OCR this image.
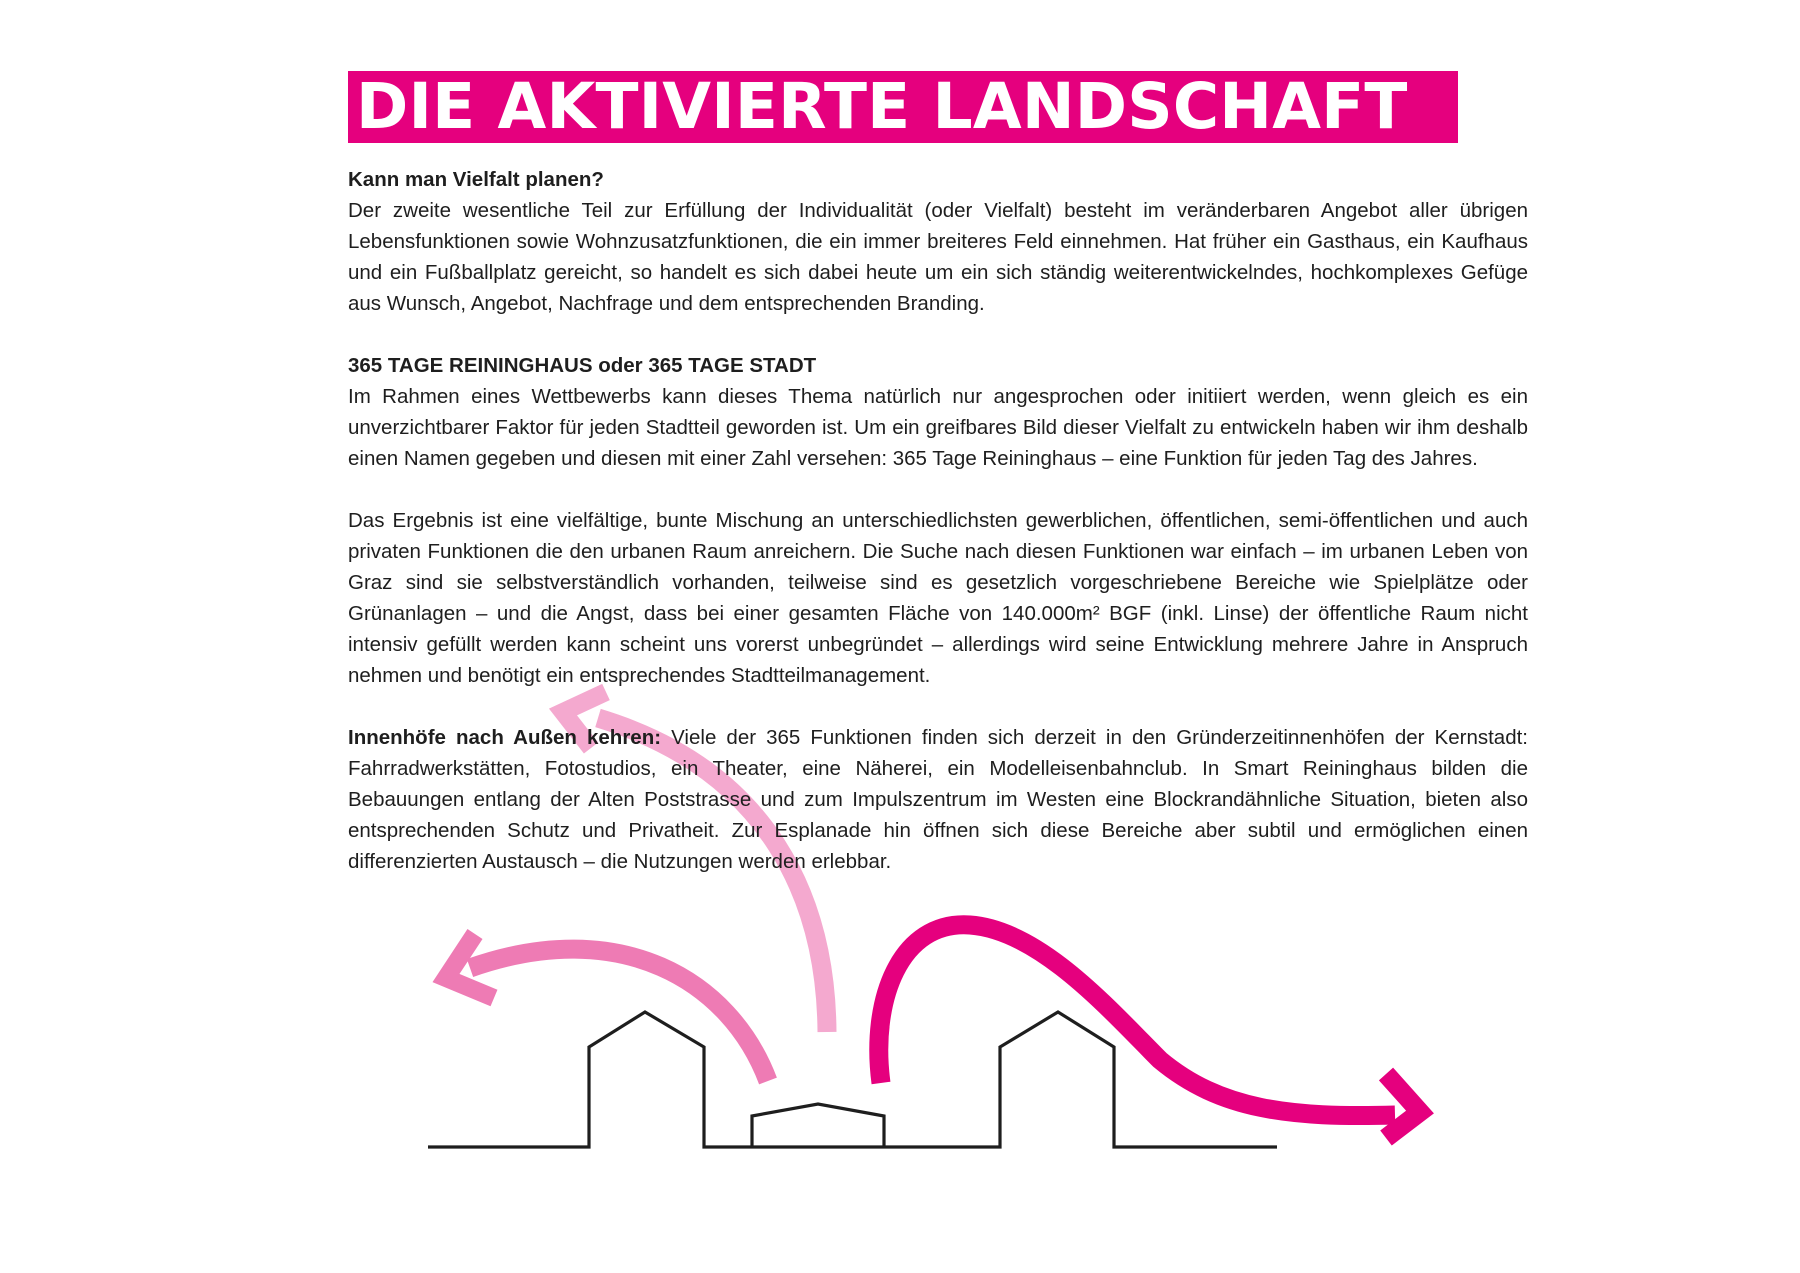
DIE AKTIVIERTE LANDSCHAFT

Kann man Vielfalt planen?

Der zweite wesentliche Teil zur Erfüllung der Individualität (oder Vielfalt) besteht im veränderbaren Angebot aller übrigen Lebensfunktionen sowie Wohnzusatzfunktionen, die ein immer breiteres Feld einnehmen. Hat früher ein Gasthaus, ein Kaufhaus und ein Fußballplatz gereicht, so handelt es sich dabei heute um ein sich ständig weiterentwickelndes, hochkomplexes Gefüge aus Wunsch, Angebot, Nachfrage und dem entsprechenden Branding.

365 TAGE REININGHAUS oder 365 TAGE STADT

Im Rahmen eines Wettbewerbs kann dieses Thema natürlich nur angesprochen oder initiiert werden, wenn gleich es ein unverzichtbarer Faktor für jeden Stadtteil geworden ist. Um ein greifbares Bild dieser Vielfalt zu entwickeln haben wir ihm deshalb einen Namen gegeben und diesen mit einer Zahl versehen: 365 Tage Reininghaus – eine Funktion für jeden Tag des Jahres.

Das Ergebnis ist eine vielfältige, bunte Mischung an unterschiedlichsten gewerblichen, öffentlichen, semi-öffentlichen und auch privaten Funktionen die den urbanen Raum anreichern. Die Suche nach diesen Funktionen war einfach – im urbanen Leben von Graz sind sie selbstverständlich vorhanden, teilweise sind es gesetzlich vorgeschriebene Bereiche wie Spielplätze oder Grünanlagen – und die Angst, dass bei einer gesamten Fläche von 140.000m² BGF (inkl. Linse) der öffentliche Raum nicht intensiv gefüllt werden kann scheint uns vorerst unbegründet – allerdings wird seine Entwicklung mehrere Jahre in Anspruch nehmen und benötigt ein entsprechendes Stadtteilmanagement.

Innenhöfe nach Außen kehren: Viele der 365 Funktionen finden sich derzeit in den Gründerzeitinnenhöfen der Kernstadt: Fahrradwerkstätten, Fotostudios, ein Theater, eine Näherei, ein Modelleisenbahnclub. In Smart Reininghaus bilden die Bebauungen entlang der Alten Poststrasse und zum Impulszentrum im Westen eine Blockrandähnliche Situation, bieten also entsprechenden Schutz und Privatheit. Zur Esplanade hin öffnen sich diese Bereiche aber subtil und ermöglichen einen differenzierten Austausch – die Nutzungen werden erlebbar.
